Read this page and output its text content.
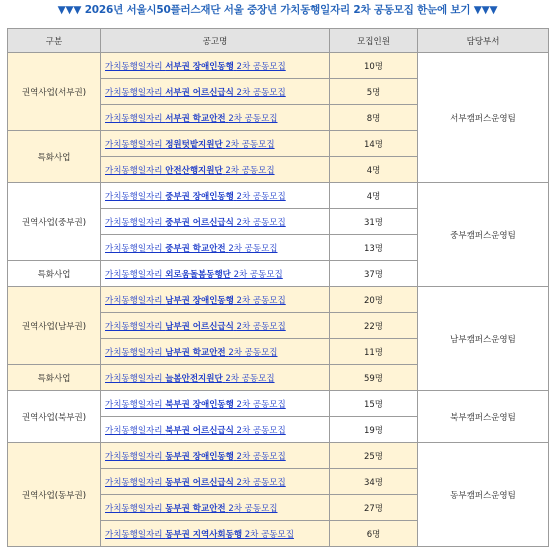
▼▼▼ 2026년 서울시50플러스재단 서울 중장년 가치동행일자리 2차 공동모집 한눈에 보기 ▼▼▼
구분	공고명	모집인원	담당부서
권역사업(서부권)	가치동행일자리 서부권 장애인동행 2차 공동모집	10명	서부캠퍼스운영팀
	가치동행일자리 서부권 어르신급식 2차 공동모집	5명	
	가치동행일자리 서부권 학교안전 2차 공동모집	8명	
특화사업	가치동행일자리 정원텃밭지원단 2차 공동모집	14명	
	가치동행일자리 안전산행지원단 2차 공동모집	4명	
권역사업(중부권)	가치동행일자리 중부권 장애인동행 2차 공동모집	4명	중부캠퍼스운영팀
	가치동행일자리 중부권 어르신급식 2차 공동모집	31명	
	가치동행일자리 중부권 학교안전 2차 공동모집	13명	
특화사업	가치동행일자리 외로움돌봄동행단 2차 공동모집	37명	
권역사업(남부권)	가치동행일자리 남부권 장애인동행 2차 공동모집	20명	남부캠퍼스운영팀
	가치동행일자리 남부권 어르신급식 2차 공동모집	22명	
	가치동행일자리 남부권 학교안전 2차 공동모집	11명	
특화사업	가치동행일자리 늘봄안전지원단 2차 공동모집	59명	
권역사업(북부권)	가치동행일자리 북부권 장애인동행 2차 공동모집	15명	북부캠퍼스운영팀
	가치동행일자리 북부권 어르신급식 2차 공동모집	19명	
권역사업(동부권)	가치동행일자리 동부권 장애인동행 2차 공동모집	25명	동부캠퍼스운영팀
	가치동행일자리 동부권 어르신급식 2차 공동모집	34명	
	가치동행일자리 동부권 학교안전 2차 공동모집	27명	
	가치동행일자리 동부권 지역사회동행 2차 공동모집	6명	
